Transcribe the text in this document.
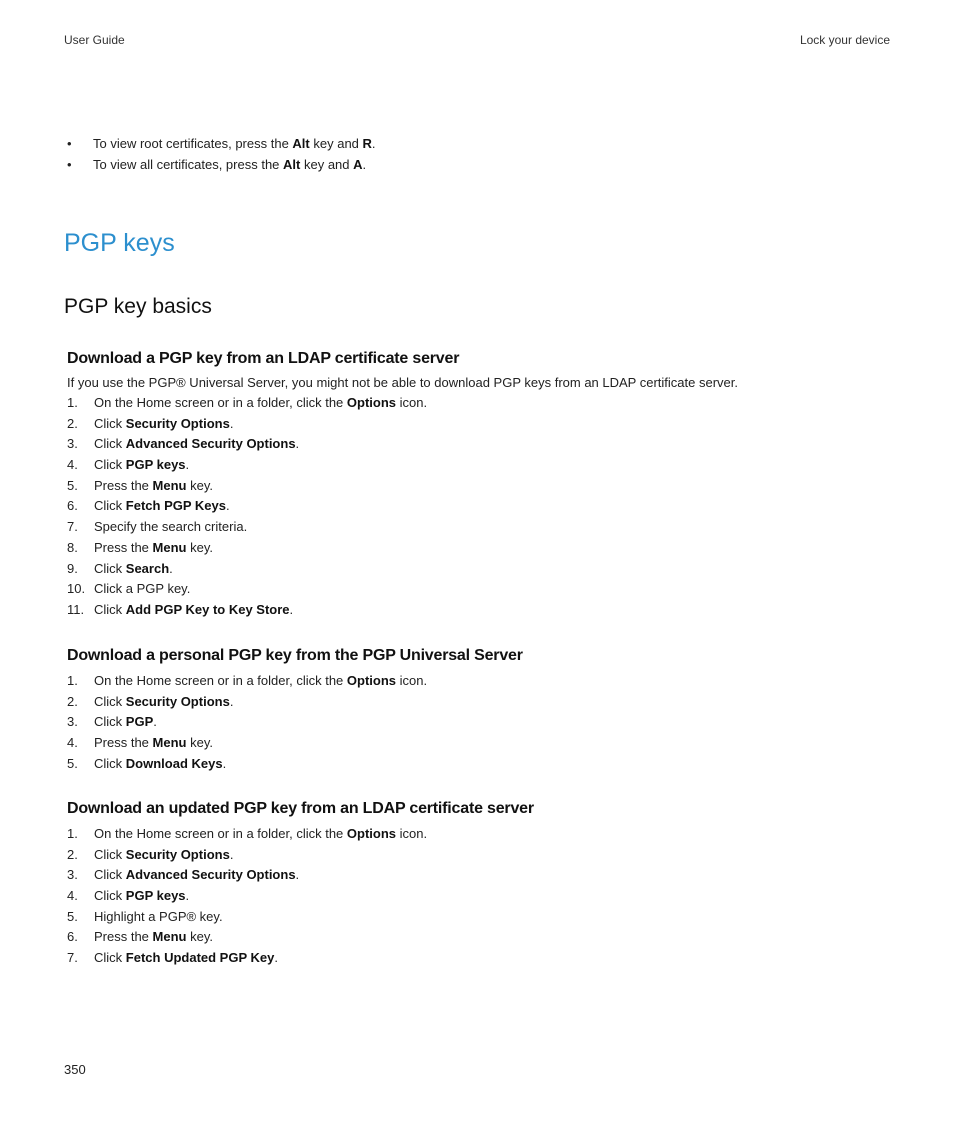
User Guide	Lock your device
• To view root certificates, press the Alt key and R.
• To view all certificates, press the Alt key and A.
PGP keys
PGP key basics
Download a PGP key from an LDAP certificate server
If you use the PGP® Universal Server, you might not be able to download PGP keys from an LDAP certificate server.
1. On the Home screen or in a folder, click the Options icon.
2. Click Security Options.
3. Click Advanced Security Options.
4. Click PGP keys.
5. Press the Menu key.
6. Click Fetch PGP Keys.
7. Specify the search criteria.
8. Press the Menu key.
9. Click Search.
10. Click a PGP key.
11. Click Add PGP Key to Key Store.
Download a personal PGP key from the PGP Universal Server
1. On the Home screen or in a folder, click the Options icon.
2. Click Security Options.
3. Click PGP.
4. Press the Menu key.
5. Click Download Keys.
Download an updated PGP key from an LDAP certificate server
1. On the Home screen or in a folder, click the Options icon.
2. Click Security Options.
3. Click Advanced Security Options.
4. Click PGP keys.
5. Highlight a PGP® key.
6. Press the Menu key.
7. Click Fetch Updated PGP Key.
350
